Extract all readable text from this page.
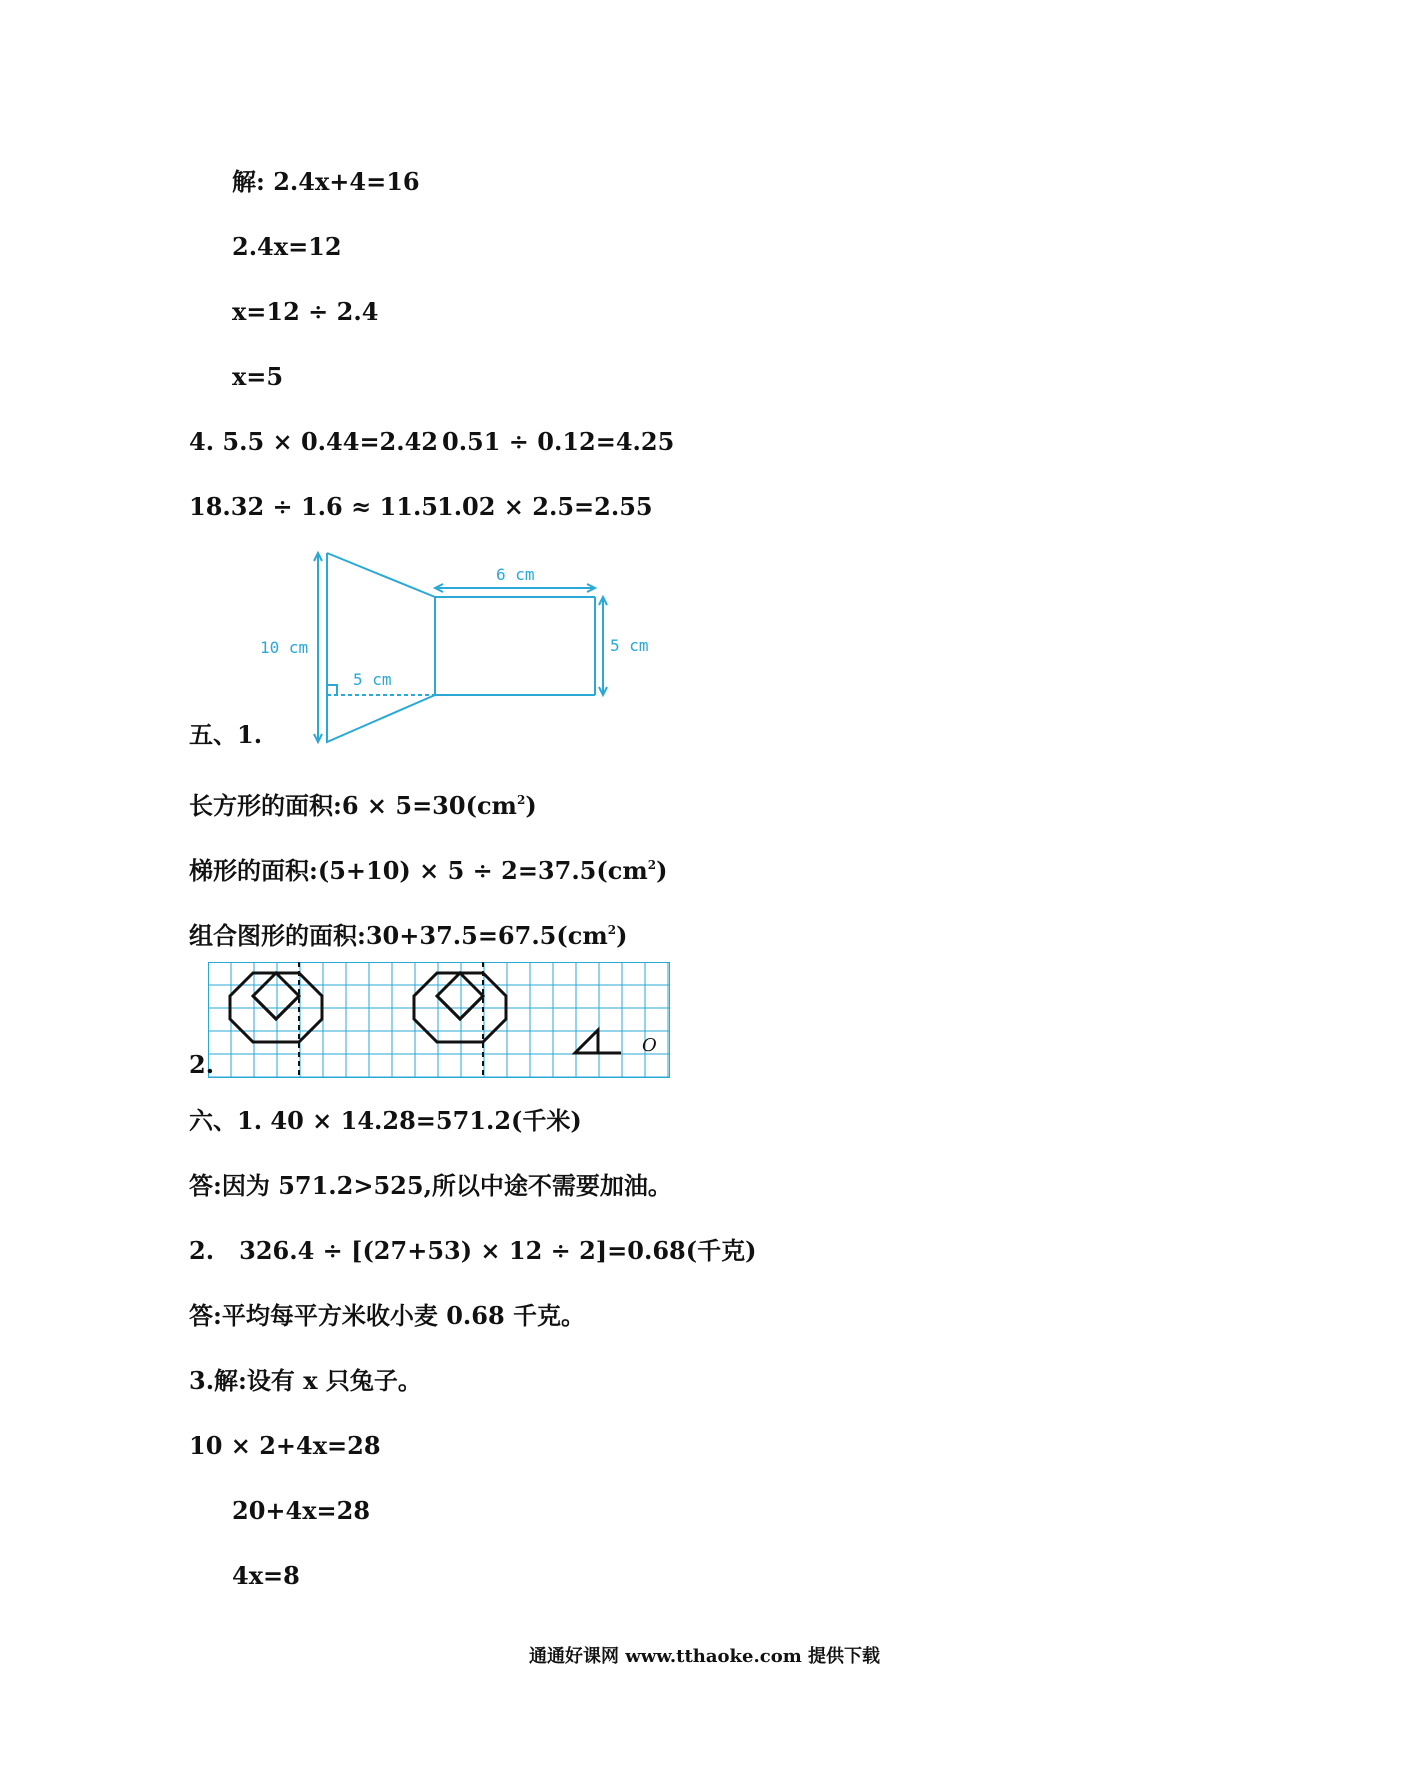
解: 2.4x+4=16
2.4x=12
x=12 ÷ 2.4
x=5
4. 5.5 × 0.44=2.42 0.51 ÷ 0.12=4.25
18.32 ÷ 1.6 ≈ 11.5 1.02 × 2.5=2.55
10 cm
6 cm
5 cm
5 cm
五、1.
长方形的面积:6 × $5=30(cm^2)$
梯形的面积:(5+10) × $5 \div 2=37.5(cm^2)$
组合图形的面积$:30+37.5=67.5(cm^2)$
O
2.
六、1. 40 × 14.28=571.2(千米)
答:因为 571.2>525,所以中途不需要加油。
2.   326.4 ÷ [(27+53) × 12 ÷ 2]=0.68(千克)
答:平均每平方米收小麦 0.68 千克。
3.解:设有 x 只兔子。
10 × 2+4x=28
20+4x=28
4x=8
通通好课网 www.tthaoke.com 提供下载
